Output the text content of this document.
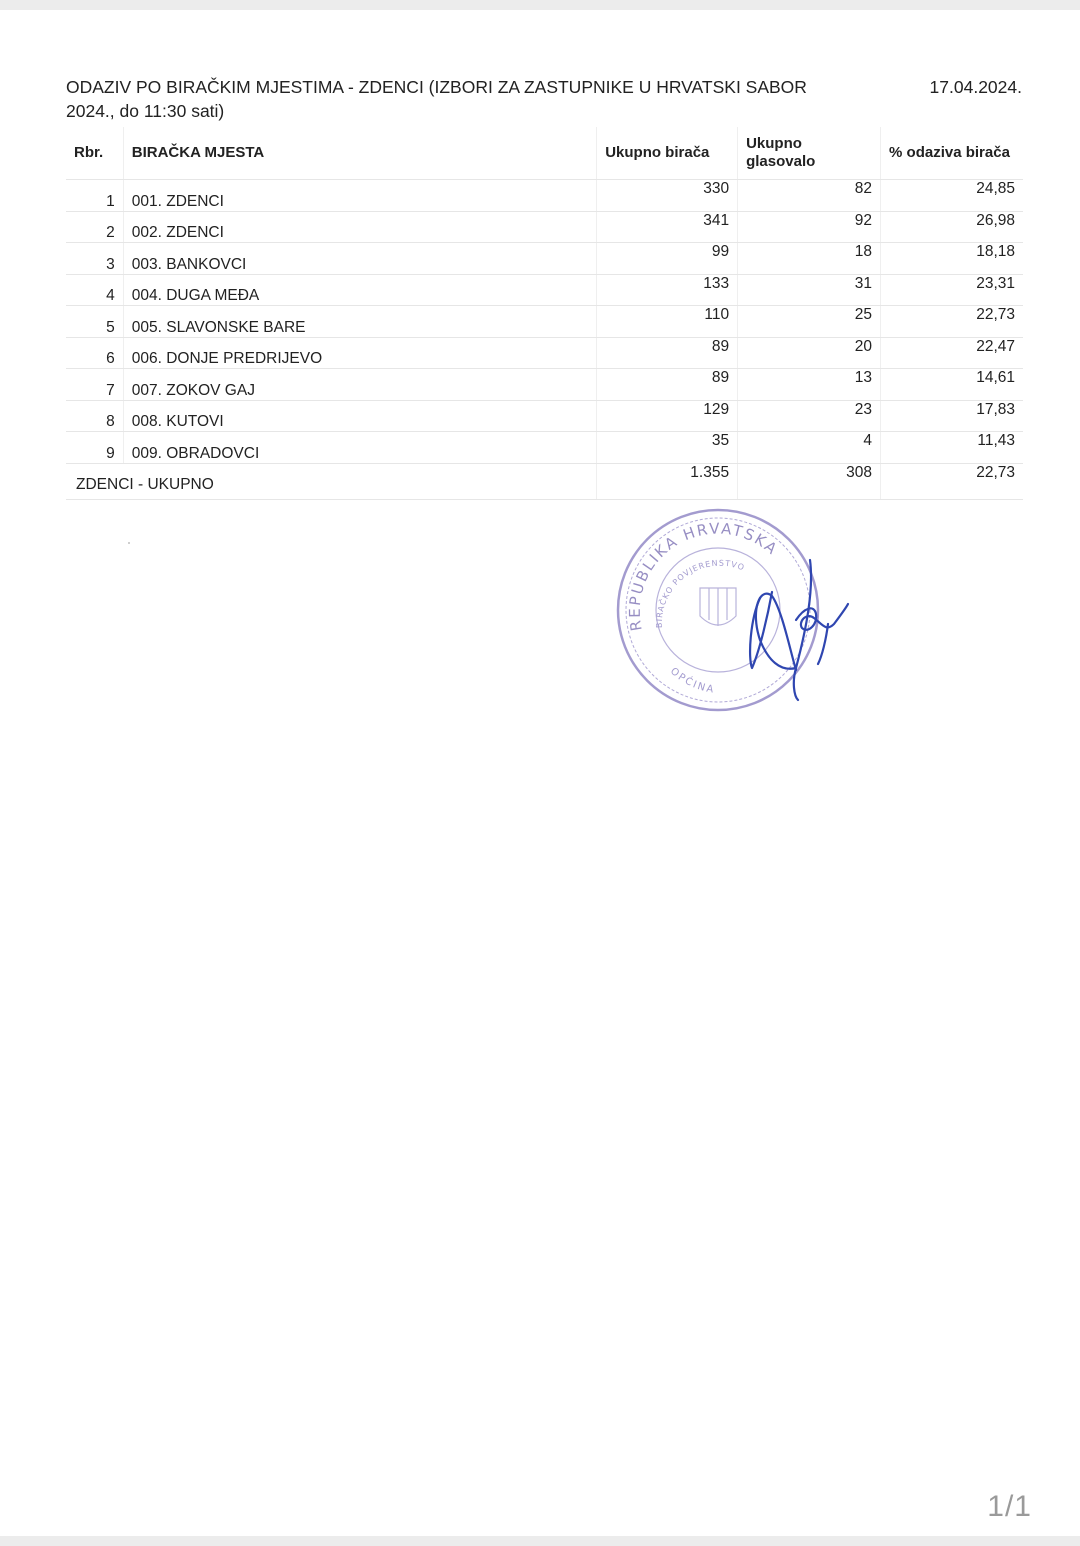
ODAZIV PO BIRAČKIM MJESTIMA - ZDENCI (IZBORI ZA ZASTUPNIKE U HRVATSKI SABOR
2024., do 11:30 sati)
17.04.2024.
Rbr.	BIRAČKA MJESTA	Ukupno birača	Ukupno glasovalo	% odaziva birača
1	001. ZDENCI	330	82	24,85
2	002. ZDENCI	341	92	26,98
3	003. BANKOVCI	99	18	18,18
4	004. DUGA MEĐA	133	31	23,31
5	005. SLAVONSKE BARE	110	25	22,73
6	006. DONJE PREDRIJEVO	89	20	22,47
7	007. ZOKOV GAJ	89	13	14,61
8	008. KUTOVI	129	23	17,83
9	009. OBRADOVCI	35	4	11,43
ZDENCI - UKUPNO		1.355	308	22,73
REPUBLIKA HRVATSKA
BIRAČKO POVJERENSTVO
OPĆINA
1/1
